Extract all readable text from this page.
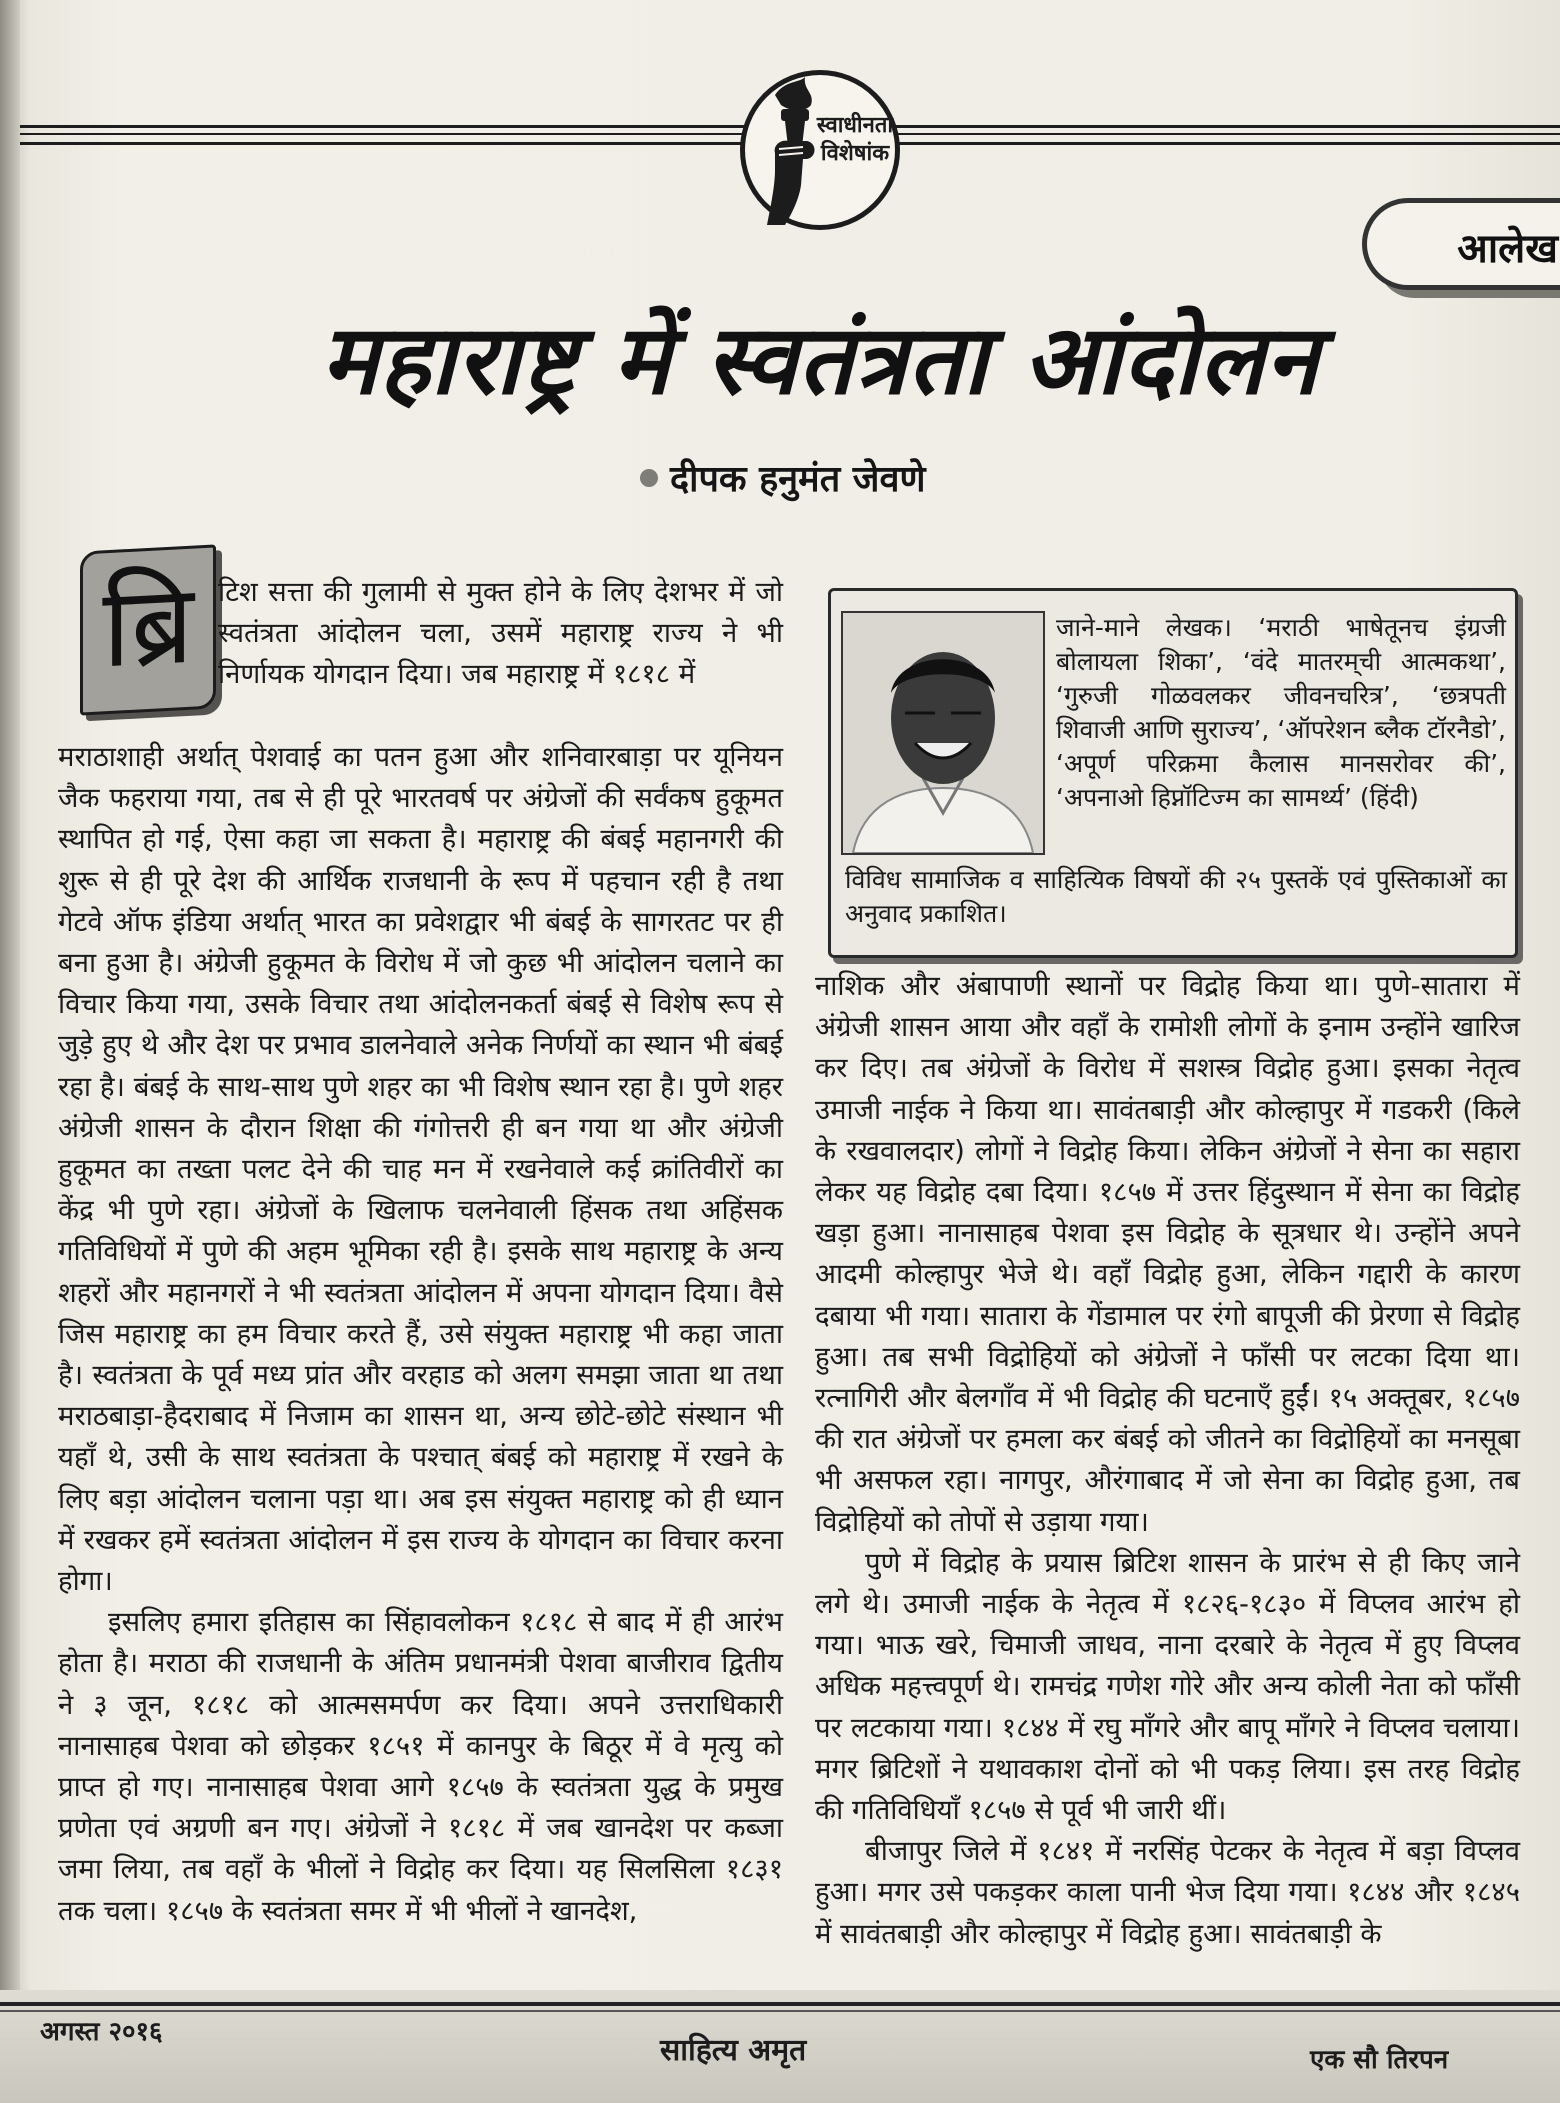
स्वाधीनता
विशेषांक
आलेख
महाराष्ट्र में स्वतंत्रता आंदोलन
दीपक हनुमंत जेवणे
ब्रि टिश सत्ता की गुलामी से मुक्त होने के लिए देशभर में जो स्वतंत्रता आंदोलन चला, उसमें महाराष्ट्र राज्य ने भी निर्णायक योगदान दिया। जब महाराष्ट्र में १८१८ में

मराठाशाही अर्थात् पेशवाई का पतन हुआ और शनिवारबाड़ा पर यूनियन जैक फहराया गया, तब से ही पूरे भारतवर्ष पर अंग्रेजों की सर्वंकष हुकूमत स्थापित हो गई, ऐसा कहा जा सकता है। महाराष्ट्र की बंबई महानगरी की शुरू से ही पूरे देश की आर्थिक राजधानी के रूप में पहचान रही है तथा गेटवे ऑफ इंडिया अर्थात् भारत का प्रवेशद्वार भी बंबई के सागरतट पर ही बना हुआ है। अंग्रेजी हुकूमत के विरोध में जो कुछ भी आंदोलन चलाने का विचार किया गया, उसके विचार तथा आंदोलनकर्ता बंबई से विशेष रूप से जुड़े हुए थे और देश पर प्रभाव डालनेवाले अनेक निर्णयों का स्थान भी बंबई रहा है। बंबई के साथ-साथ पुणे शहर का भी विशेष स्थान रहा है। पुणे शहर अंग्रेजी शासन के दौरान शिक्षा की गंगोत्तरी ही बन गया था और अंग्रेजी हुकूमत का तख्ता पलट देने की चाह मन में रखनेवाले कई क्रांतिवीरों का केंद्र भी पुणे रहा। अंग्रेजों के खिलाफ चलनेवाली हिंसक तथा अहिंसक गतिविधियों में पुणे की अहम भूमिका रही है। इसके साथ महाराष्ट्र के अन्य शहरों और महानगरों ने भी स्वतंत्रता आंदोलन में अपना योगदान दिया। वैसे जिस महाराष्ट्र का हम विचार करते हैं, उसे संयुक्त महाराष्ट्र भी कहा जाता है। स्वतंत्रता के पूर्व मध्य प्रांत और वरहाड को अलग समझा जाता था तथा मराठबाड़ा-हैदराबाद में निजाम का शासन था, अन्य छोटे-छोटे संस्थान भी यहाँ थे, उसी के साथ स्वतंत्रता के पश्चात् बंबई को महाराष्ट्र में रखने के लिए बड़ा आंदोलन चलाना पड़ा था। अब इस संयुक्त महाराष्ट्र को ही ध्यान में रखकर हमें स्वतंत्रता आंदोलन में इस राज्य के योगदान का विचार करना होगा।

इसलिए हमारा इतिहास का सिंहावलोकन १८१८ से बाद में ही आरंभ होता है। मराठा की राजधानी के अंतिम प्रधानमंत्री पेशवा बाजीराव द्वितीय ने ३ जून, १८१८ को आत्मसमर्पण कर दिया। अपने उत्तराधिकारी नानासाहब पेशवा को छोड़कर १८५१ में कानपुर के बिठूर में वे मृत्यु को प्राप्त हो गए। नानासाहब पेशवा आगे १८५७ के स्वतंत्रता युद्ध के प्रमुख प्रणेता एवं अग्रणी बन गए। अंग्रेजों ने १८१८ में जब खानदेश पर कब्जा जमा लिया, तब वहाँ के भीलों ने विद्रोह कर दिया। यह सिलसिला १८३१ तक चला। १८५७ के स्वतंत्रता समर में भी भीलों ने खानदेश,

जाने-माने लेखक। ‘मराठी भाषेतूनच इंग्रजी बोलायला शिका’, ‘वंदे मातरम्‌ची आत्मकथा’, ‘गुरुजी गोळवलकर जीवनचरित्र’, ‘छत्रपती शिवाजी आणि सुराज्य’, ‘ऑपरेशन ब्लैक टॉरनैडो’, ‘अपूर्ण परिक्रमा कैलास मानसरोवर की’, ‘अपनाओ हिप्नॉटिज्म का सामर्थ्य’ (हिंदी)
विविध सामाजिक व साहित्यिक विषयों की २५ पुस्तकें एवं पुस्तिकाओं का अनुवाद प्रकाशित।

नाशिक और अंबापाणी स्थानों पर विद्रोह किया था। पुणे-सातारा में अंग्रेजी शासन आया और वहाँ के रामोशी लोगों के इनाम उन्होंने खारिज कर दिए। तब अंग्रेजों के विरोध में सशस्त्र विद्रोह हुआ। इसका नेतृत्व उमाजी नाईक ने किया था। सावंतबाड़ी और कोल्हापुर में गडकरी (किले के रखवालदार) लोगों ने विद्रोह किया। लेकिन अंग्रेजों ने सेना का सहारा लेकर यह विद्रोह दबा दिया। १८५७ में उत्तर हिंदुस्थान में सेना का विद्रोह खड़ा हुआ। नानासाहब पेशवा इस विद्रोह के सूत्रधार थे। उन्होंने अपने आदमी कोल्हापुर भेजे थे। वहाँ विद्रोह हुआ, लेकिन गद्दारी के कारण दबाया भी गया। सातारा के गेंडामाल पर रंगो बापूजी की प्रेरणा से विद्रोह हुआ। तब सभी विद्रोहियों को अंग्रेजों ने फाँसी पर लटका दिया था। रत्नागिरी और बेलगाँव में भी विद्रोह की घटनाएँ हुईं। १५ अक्तूबर, १८५७ की रात अंग्रेजों पर हमला कर बंबई को जीतने का विद्रोहियों का मनसूबा भी असफल रहा। नागपुर, औरंगाबाद में जो सेना का विद्रोह हुआ, तब विद्रोहियों को तोपों से उड़ाया गया।

पुणे में विद्रोह के प्रयास ब्रिटिश शासन के प्रारंभ से ही किए जाने लगे थे। उमाजी नाईक के नेतृत्व में १८२६-१८३० में विप्लव आरंभ हो गया। भाऊ खरे, चिमाजी जाधव, नाना दरबारे के नेतृत्व में हुए विप्लव अधिक महत्त्वपूर्ण थे। रामचंद्र गणेश गोरे और अन्य कोली नेता को फाँसी पर लटकाया गया। १८४४ में रघु माँगरे और बापू माँगरे ने विप्लव चलाया। मगर ब्रिटिशों ने यथावकाश दोनों को भी पकड़ लिया। इस तरह विद्रोह की गतिविधियाँ १८५७ से पूर्व भी जारी थीं।

बीजापुर जिले में १८४१ में नरसिंह पेटकर के नेतृत्व में बड़ा विप्लव हुआ। मगर उसे पकड़कर काला पानी भेज दिया गया। १८४४ और १८४५ में सावंतबाड़ी और कोल्हापुर में विद्रोह हुआ। सावंतबाड़ी के

अगस्त २०१६
साहित्य अमृत	एक सौ तिरपन
